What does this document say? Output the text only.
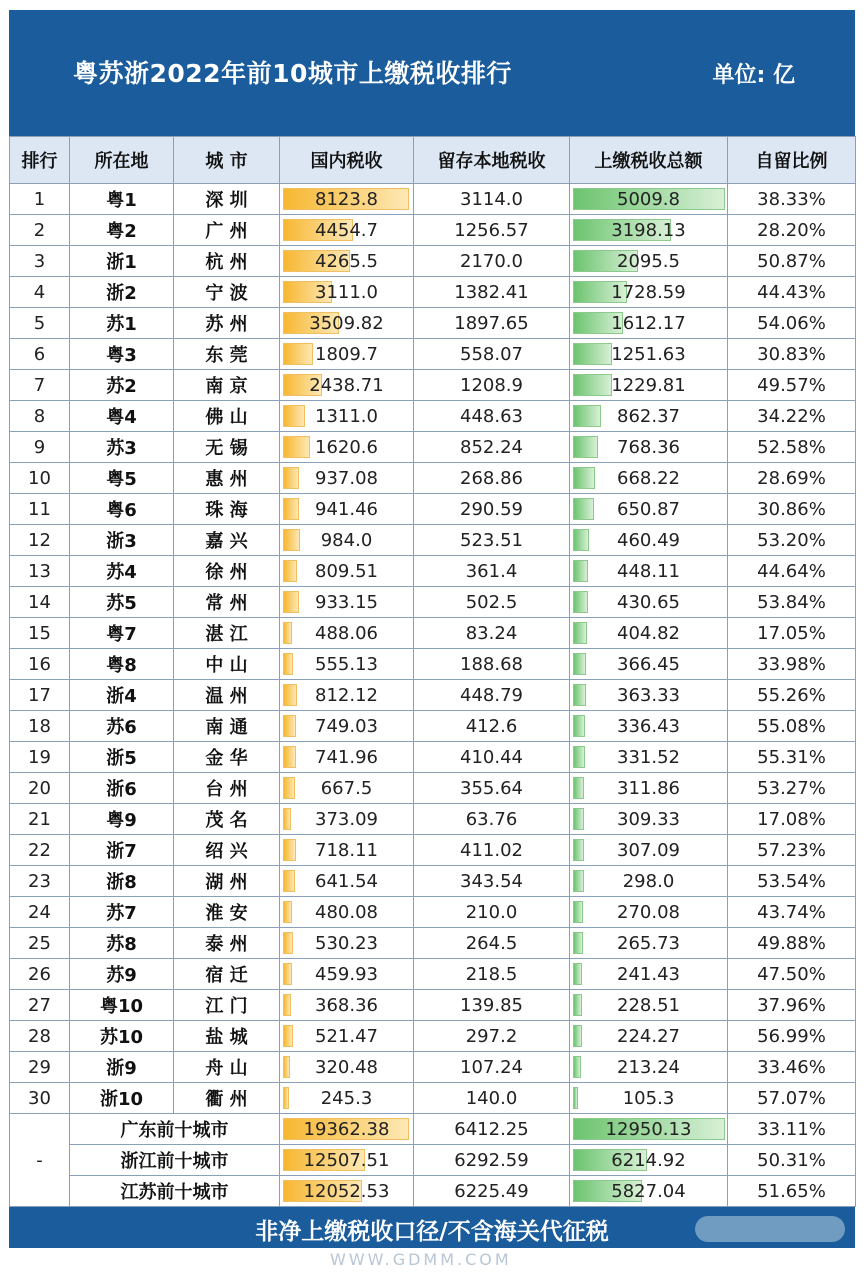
粤苏浙2022年前10城市上缴税收排行	单位: 亿
排行	所在地	城 市	国内税收	留存本地税收	上缴税收总额	自留比例
1	粤1	深 圳	8123.8	3114.0	5009.8	38.33%
2	粤2	广 州	4454.7	1256.57	3198.13	28.20%
3	浙1	杭 州	4265.5	2170.0	2095.5	50.87%
4	浙2	宁 波	3111.0	1382.41	1728.59	44.43%
5	苏1	苏 州	3509.82	1897.65	1612.17	54.06%
6	粤3	东 莞	1809.7	558.07	1251.63	30.83%
7	苏2	南 京	2438.71	1208.9	1229.81	49.57%
8	粤4	佛 山	1311.0	448.63	862.37	34.22%
9	苏3	无 锡	1620.6	852.24	768.36	52.58%
10	粤5	惠 州	937.08	268.86	668.22	28.69%
11	粤6	珠 海	941.46	290.59	650.87	30.86%
12	浙3	嘉 兴	984.0	523.51	460.49	53.20%
13	苏4	徐 州	809.51	361.4	448.11	44.64%
14	苏5	常 州	933.15	502.5	430.65	53.84%
15	粤7	湛 江	488.06	83.24	404.82	17.05%
16	粤8	中 山	555.13	188.68	366.45	33.98%
17	浙4	温 州	812.12	448.79	363.33	55.26%
18	苏6	南 通	749.03	412.6	336.43	55.08%
19	浙5	金 华	741.96	410.44	331.52	55.31%
20	浙6	台 州	667.5	355.64	311.86	53.27%
21	粤9	茂 名	373.09	63.76	309.33	17.08%
22	浙7	绍 兴	718.11	411.02	307.09	57.23%
23	浙8	湖 州	641.54	343.54	298.0	53.54%
24	苏7	淮 安	480.08	210.0	270.08	43.74%
25	苏8	泰 州	530.23	264.5	265.73	49.88%
26	苏9	宿 迁	459.93	218.5	241.43	47.50%
27	粤10	江 门	368.36	139.85	228.51	37.96%
28	苏10	盐 城	521.47	297.2	224.27	56.99%
29	浙9	舟 山	320.48	107.24	213.24	33.46%
30	浙10	衢 州	245.3	140.0	105.3	57.07%
-	广东前十城市		19362.38	6412.25	12950.13	33.11%
	浙江前十城市		12507.51	6292.59	6214.92	50.31%
	江苏前十城市		12052.53	6225.49	5827.04	51.65%
非净上缴税收口径/不含海关代征税
WWW.GDMM.COM
